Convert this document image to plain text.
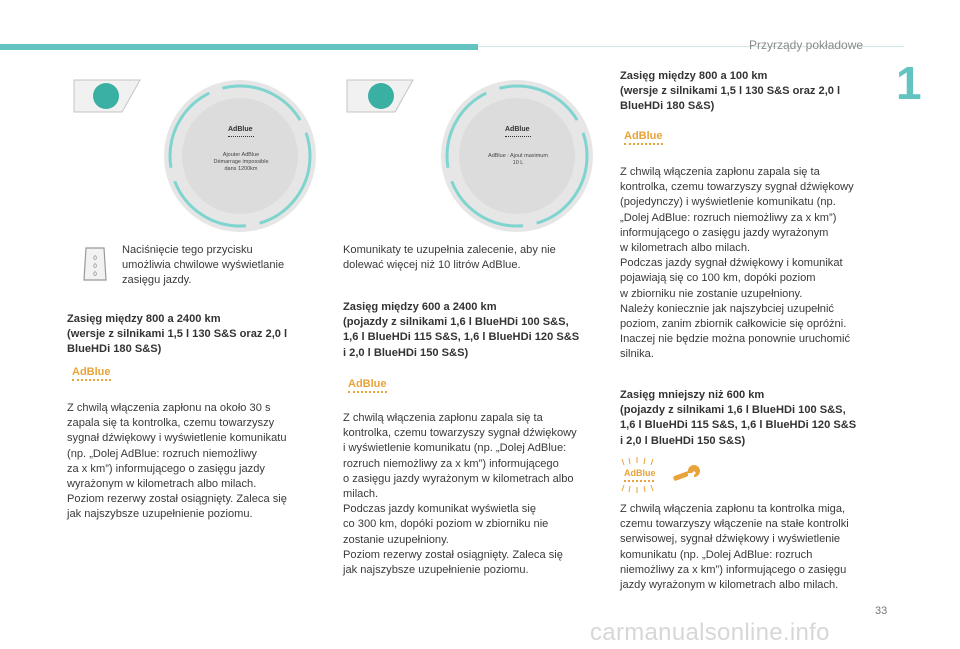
Przyrządy pokładowe
1
AdBlue
Ajouter AdBlue
Démarrage impossible
dans 1200km
AdBlue
AdBlue : Ajout maximum
10 L
0
0
0
Naciśnięcie tego przycisku
umożliwia chwilowe wyświetlanie
zasięgu jazdy.
Zasięg między 800 a 2400 km
(wersje z silnikami 1,5 l 130 S&S oraz 2,0 l
BlueHDi 180 S&S)
AdBlue
Z chwilą włączenia zapłonu na około 30 s
zapala się ta kontrolka, czemu towarzyszy
sygnał dźwiękowy i wyświetlenie komunikatu
(np. „Dolej AdBlue: rozruch niemożliwy
za x km”) informującego o zasięgu jazdy
wyrażonym w kilometrach albo milach.
Poziom rezerwy został osiągnięty. Zaleca się
jak najszybsze uzupełnienie poziomu.
Komunikaty te uzupełnia zalecenie, aby nie
dolewać więcej niż 10 litrów AdBlue.
Zasięg między 600 a 2400 km
(pojazdy z silnikami 1,6 l BlueHDi 100 S&S,
1,6 l BlueHDi 115 S&S, 1,6 l BlueHDi 120 S&S
i 2,0 l BlueHDi 150 S&S)
AdBlue
Z chwilą włączenia zapłonu zapala się ta
kontrolka, czemu towarzyszy sygnał dźwiękowy
i wyświetlenie komunikatu (np. „Dolej AdBlue:
rozruch niemożliwy za x km”) informującego
o zasięgu jazdy wyrażonym w kilometrach albo
milach.
Podczas jazdy komunikat wyświetla się
co 300 km, dopóki poziom w zbiorniku nie
zostanie uzupełniony.
Poziom rezerwy został osiągnięty. Zaleca się
jak najszybsze uzupełnienie poziomu.
Zasięg między 800 a 100 km
(wersje z silnikami 1,5 l 130 S&S oraz 2,0 l
BlueHDi 180 S&S)
AdBlue
Z chwilą włączenia zapłonu zapala się ta
kontrolka, czemu towarzyszy sygnał dźwiękowy
(pojedynczy) i wyświetlenie komunikatu (np.
„Dolej AdBlue: rozruch niemożliwy za x km”)
informującego o zasięgu jazdy wyrażonym
w kilometrach albo milach.
Podczas jazdy sygnał dźwiękowy i komunikat
pojawiają się co 100 km, dopóki poziom
w zbiorniku nie zostanie uzupełniony.
Należy koniecznie jak najszybciej uzupełnić
poziom, zanim zbiornik całkowicie się opróżni.
Inaczej nie będzie można ponownie uruchomić
silnika.
Zasięg mniejszy niż 600 km
(pojazdy z silnikami 1,6 l BlueHDi 100 S&S,
1,6 l BlueHDi 115 S&S, 1,6 l BlueHDi 120 S&S
i 2,0 l BlueHDi 150 S&S)
AdBlue
Z chwilą włączenia zapłonu ta kontrolka miga,
czemu towarzyszy włączenie na stałe kontrolki
serwisowej, sygnał dźwiękowy i wyświetlenie
komunikatu (np. „Dolej AdBlue: rozruch
niemożliwy za x km”) informującego o zasięgu
jazdy wyrażonym w kilometrach albo milach.
33
carmanualsonline.info
